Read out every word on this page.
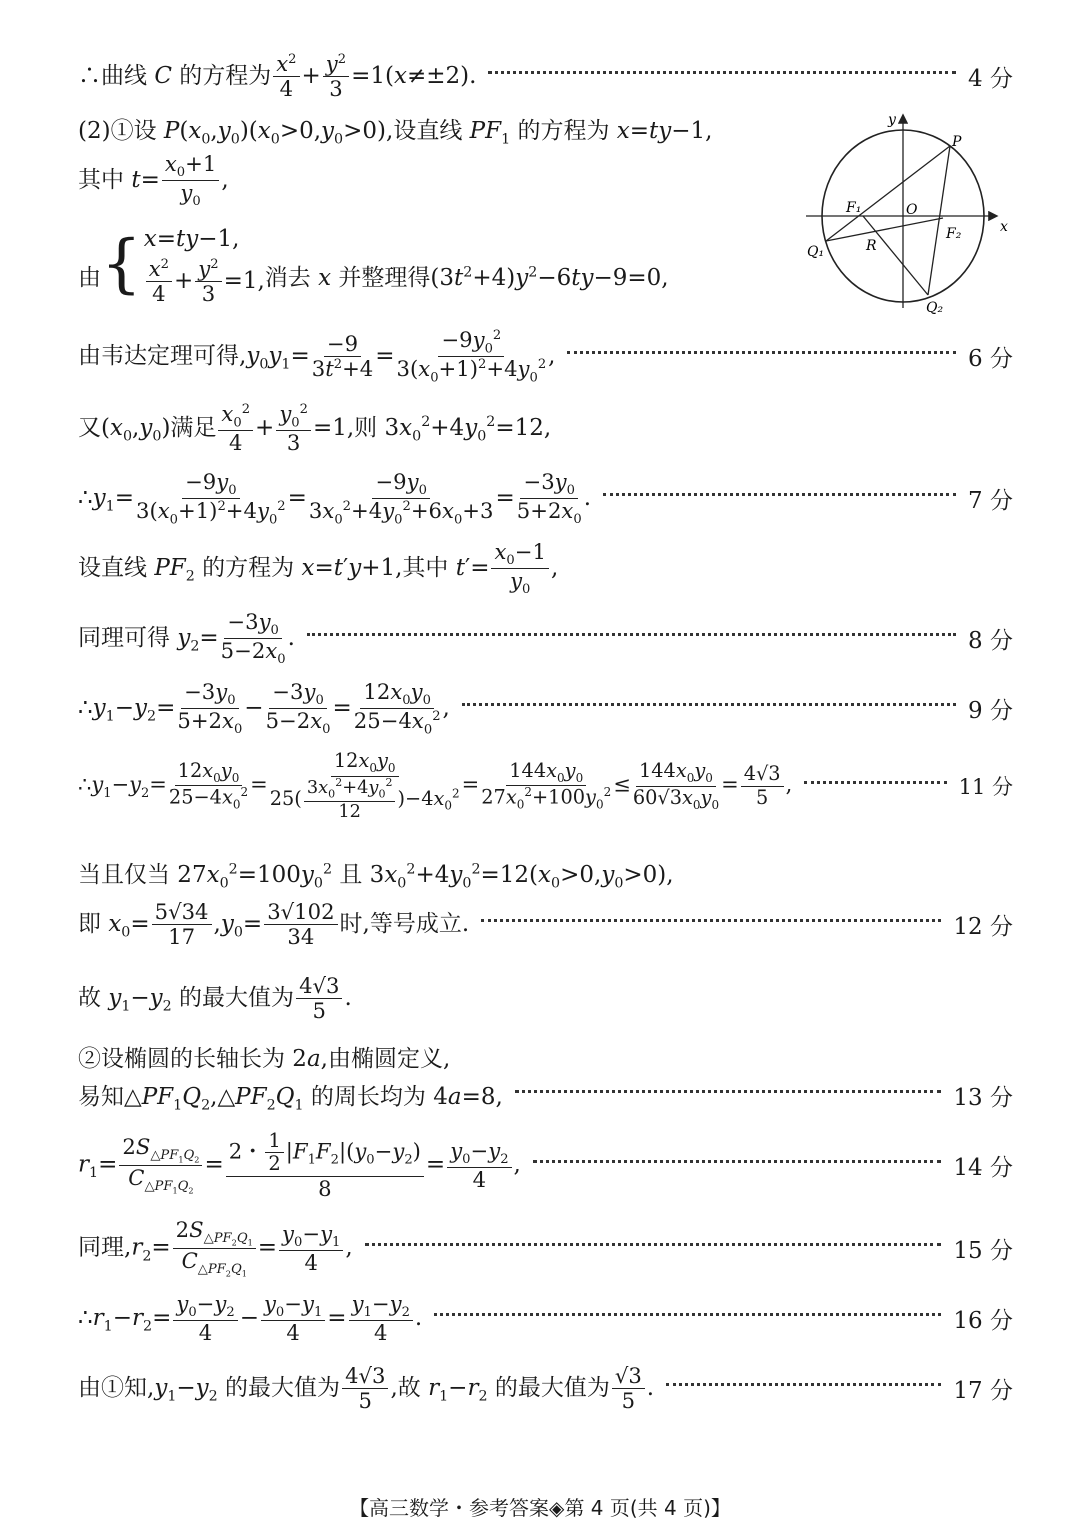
∴曲线 C 的方程为 $\frac{x^2}{4} + \frac{y^2}{3} =1(x\ne\pm 2)$.	4 分
(2)①设 $P(x_0,y_0)(x_0>0,y_0>0)$,设直线 $PF_1$ 的方程为 x=ty−1,
其中 $t= \frac{x_0+1}{y_0}$ ,
由 { x=ty−1,
$\frac{x^2}{4} + \frac{y^2}{3} =1$, 消去 x 并整理得$(3t^2+4)y^2-6ty-9=0$,
由韦达定理可得$,y_0y_1= \frac{-9}{3t^2+4} = \frac{-9y_0^2}{3(x_0+1)^2+4y_0^2}$ ,	6 分
又$(x_0,y_0)$满足 $\frac{x_0^2}{4} + \frac{y_0^2}{3} =1$,则 $3x_0^2+4y_0^2=12$,
$\therefore y_1= \frac{-9y_0}{3(x_0+1)^2+4y_0^2} = \frac{-9y_0}{3x_0^2+4y_0^2+6x_0+3} = \frac{-3y_0}{5+2x_0}$ .	7 分
设直线 $PF_2$ 的方程为 x=t′y+1,其中 $t'= \frac{x_0-1}{y_0}$ ,
同理可得 $y_2= \frac{-3y_0}{5-2x_0}$ .	8 分
$\therefore y_1-y_2= \frac{-3y_0}{5+2x_0} - \frac{-3y_0}{5-2x_0} = \frac{12x_0y_0}{25-4x_0^2}$ ,	9 分
$\therefore y_1-y_2= \frac{12x_0y_0}{25-4x_0^2} = \frac{12x_0y_0}{25( \frac{3x_0^2+4y_0^2}{12} )-4x_0^2} = \frac{144x_0y_0}{27x_0^2+100y_0^2} \le \frac{144x_0y_0}{60√3x_0y_0} = \frac{4√3}{5}$ ,	11 分
当且仅当 $27x_0^2=100y_0^2$ 且 $3x_0^2+4y_0^2=12(x_0>0,y_0>0)$,
即 $x_0= \frac{5√34}{17} ,y_0= \frac{3√102}{34}$ 时,等号成立.	12 分
故 $y_1-y_2$ 的最大值为 $\frac{4√3}{5}$ .
②设椭圆的长轴长为 2a,由椭圆定义,
易知$\triangle PF_1Q_2,\triangle PF_2Q_1$ 的周长均为 4a=8,	13 分
$r_1= \frac{2S_{\triangle PF_1Q_2}}{C_{\triangle PF_1Q_2}} = \frac{2・ \frac{1}{2} |F_1F_2|(y_0-y_2)}{8} = \frac{y_0-y_2}{4}$ ,	14 分
同理$,r_2= \frac{2S_{\triangle PF_2Q_1}}{C_{\triangle PF_2Q_1}} = \frac{y_0-y_1}{4}$ ,	15 分
$\therefore r_1-r_2= \frac{y_0-y_2}{4} - \frac{y_0-y_1}{4} = \frac{y_1-y_2}{4}$ .	16 分
由①知$,y_1-y_2$ 的最大值为 $\frac{4√3}{5}$ ,故 $r_1-r_2$ 的最大值为 $\frac{√3}{5}$ .	17 分
y
x
O
P
F₁
F₂
R
Q₁
Q₂
【高三数学・参考答案◈第 4 页(共 4 页)】
